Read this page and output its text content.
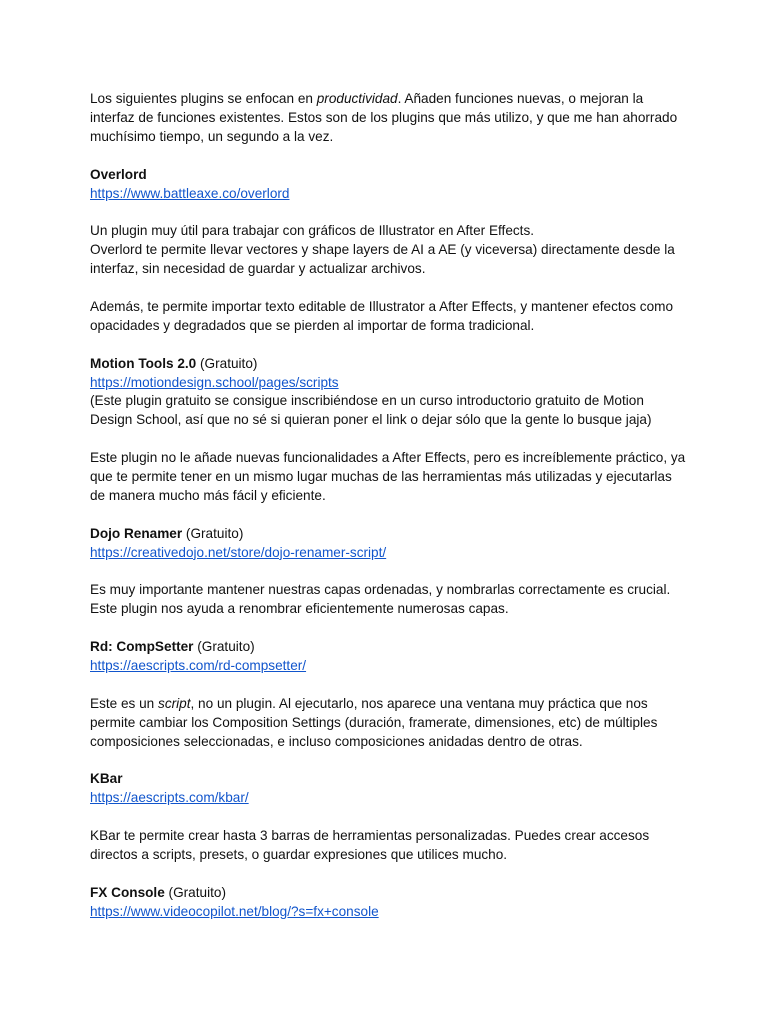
Los siguientes plugins se enfocan en productividad. Añaden funciones nuevas, o mejoran la interfaz de funciones existentes. Estos son de los plugins que más utilizo, y que me han ahorrado muchísimo tiempo, un segundo a la vez.

Overlord

https://www.battleaxe.co/overlord

Un plugin muy útil para trabajar con gráficos de Illustrator en After Effects.

Overlord te permite llevar vectores y shape layers de AI a AE (y viceversa) directamente desde la interfaz, sin necesidad de guardar y actualizar archivos.

Además, te permite importar texto editable de Illustrator a After Effects, y mantener efectos como opacidades y degradados que se pierden al importar de forma tradicional.

Motion Tools 2.0 (Gratuito)

https://motiondesign.school/pages/scripts

(Este plugin gratuito se consigue inscribiéndose en un curso introductorio gratuito de Motion Design School, así que no sé si quieran poner el link o dejar sólo que la gente lo busque jaja)

Este plugin no le añade nuevas funcionalidades a After Effects, pero es increíblemente práctico, ya que te permite tener en un mismo lugar muchas de las herramientas más utilizadas y ejecutarlas de manera mucho más fácil y eficiente.

Dojo Renamer (Gratuito)

https://creativedojo.net/store/dojo-renamer-script/

Es muy importante mantener nuestras capas ordenadas, y nombrarlas correctamente es crucial. Este plugin nos ayuda a renombrar eficientemente numerosas capas.

Rd: CompSetter (Gratuito)

https://aescripts.com/rd-compsetter/

Este es un script, no un plugin. Al ejecutarlo, nos aparece una ventana muy práctica que nos permite cambiar los Composition Settings (duración, framerate, dimensiones, etc) de múltiples composiciones seleccionadas, e incluso composiciones anidadas dentro de otras.

KBar

https://aescripts.com/kbar/

KBar te permite crear hasta 3 barras de herramientas personalizadas. Puedes crear accesos directos a scripts, presets, o guardar expresiones que utilices mucho.

FX Console (Gratuito)

https://www.videocopilot.net/blog/?s=fx+console
